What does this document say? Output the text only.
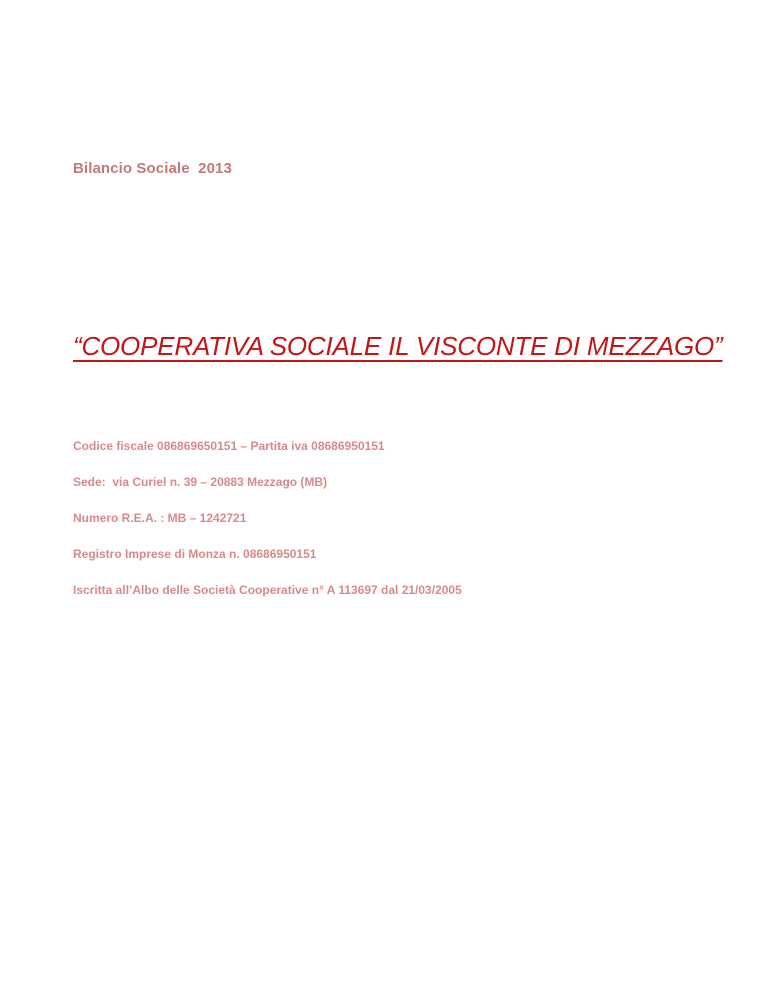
Bilancio Sociale  2013

“COOPERATIVA SOCIALE IL VISCONTE DI MEZZAGO”
Codice fiscale 086869650151 – Partita iva 08686950151
Sede:  via Curiel n. 39 – 20883 Mezzago (MB)
Numero R.E.A. : MB – 1242721
Registro Imprese di Monza n. 08686950151
Iscritta all’Albo delle Società Cooperative n° A 113697 dal 21/03/2005
